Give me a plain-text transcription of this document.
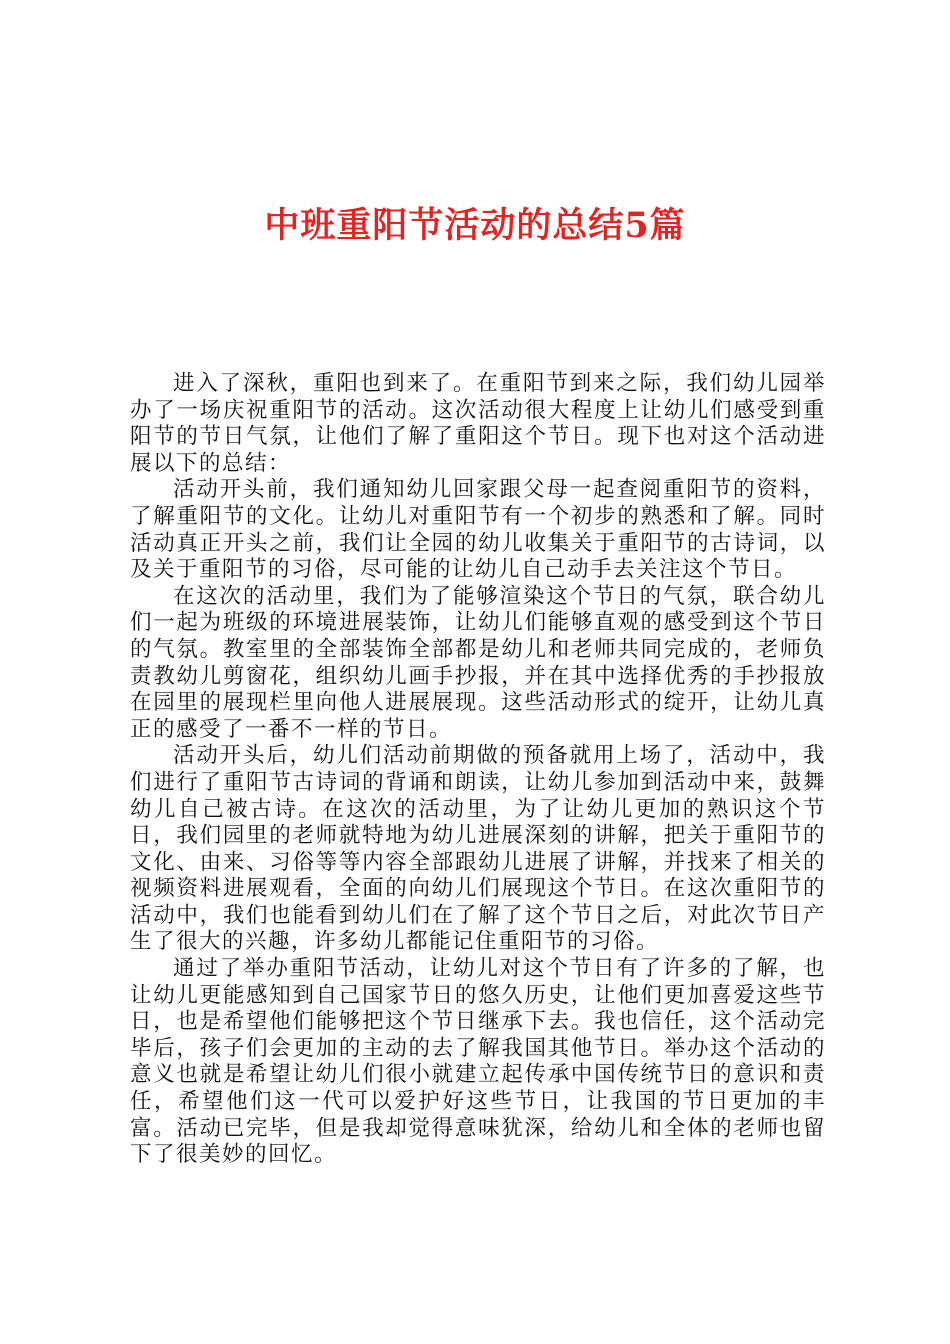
中班重阳节活动的总结5篇

进入了深秋，重阳也到来了。在重阳节到来之际，我们幼儿园举办了一场庆祝重阳节的活动。这次活动很大程度上让幼儿们感受到重阳节的节日气氛，让他们了解了重阳这个节日。现下也对这个活动进展以下的总结：

活动开头前，我们通知幼儿回家跟父母一起查阅重阳节的资料，了解重阳节的文化。让幼儿对重阳节有一个初步的熟悉和了解。同时活动真正开头之前，我们让全园的幼儿收集关于重阳节的古诗词，以及关于重阳节的习俗，尽可能的让幼儿自己动手去关注这个节日。

在这次的活动里，我们为了能够渲染这个节日的气氛，联合幼儿们一起为班级的环境进展装饰，让幼儿们能够直观的感受到这个节日的气氛。教室里的全部装饰全部都是幼儿和老师共同完成的，老师负责教幼儿剪窗花，组织幼儿画手抄报，并在其中选择优秀的手抄报放在园里的展现栏里向他人进展展现。这些活动形式的绽开，让幼儿真正的感受了一番不一样的节日。

活动开头后，幼儿们活动前期做的预备就用上场了，活动中，我们进行了重阳节古诗词的背诵和朗读，让幼儿参加到活动中来，鼓舞幼儿自己被古诗。在这次的活动里，为了让幼儿更加的熟识这个节日，我们园里的老师就特地为幼儿进展深刻的讲解，把关于重阳节的文化、由来、习俗等等内容全部跟幼儿进展了讲解，并找来了相关的视频资料进展观看，全面的向幼儿们展现这个节日。在这次重阳节的活动中，我们也能看到幼儿们在了解了这个节日之后，对此次节日产生了很大的兴趣，许多幼儿都能记住重阳节的习俗。

通过了举办重阳节活动，让幼儿对这个节日有了许多的了解，也让幼儿更能感知到自己国家节日的悠久历史，让他们更加喜爱这些节日，也是希望他们能够把这个节日继承下去。我也信任，这个活动完毕后，孩子们会更加的主动的去了解我国其他节日。举办这个活动的意义也就是希望让幼儿们很小就建立起传承中国传统节日的意识和责任，希望他们这一代可以爱护好这些节日，让我国的节日更加的丰富。活动已完毕，但是我却觉得意味犹深，给幼儿和全体的老师也留下了很美妙的回忆。
